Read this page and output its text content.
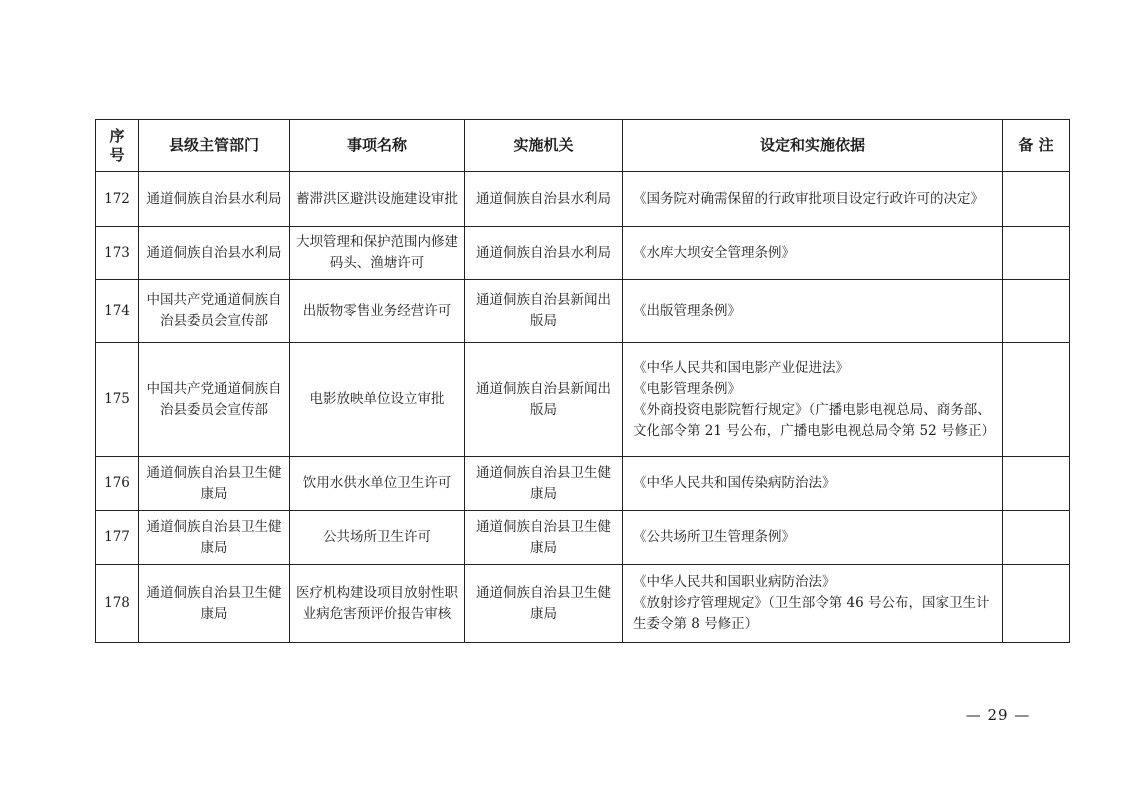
序
号	县级主管部门	事项名称	实施机关	设定和实施依据	备 注
172	通道侗族自治县水利局	蓄滞洪区避洪设施建设审批	通道侗族自治县水利局	《国务院对确需保留的行政审批项目设定行政许可的决定》	

173	通道侗族自治县水利局	大坝管理和保护范围内修建码头、渔塘许可	通道侗族自治县水利局	《水库大坝安全管理条例》	

174	中国共产党通道侗族自治县委员会宣传部	出版物零售业务经营许可	通道侗族自治县新闻出版局	《出版管理条例》	

175	中国共产党通道侗族自治县委员会宣传部	电影放映单位设立审批	通道侗族自治县新闻出版局	《中华人民共和国电影产业促进法》
《电影管理条例》
《外商投资电影院暂行规定》（广播电影电视总局、商务部、文化部令第 21 号公布，广播电影电视总局令第 52 号修正）	

176	通道侗族自治县卫生健康局	饮用水供水单位卫生许可	通道侗族自治县卫生健康局	《中华人民共和国传染病防治法》	

177	通道侗族自治县卫生健康局	公共场所卫生许可	通道侗族自治县卫生健康局	《公共场所卫生管理条例》	

178	通道侗族自治县卫生健康局	医疗机构建设项目放射性职业病危害预评价报告审核	通道侗族自治县卫生健康局	《中华人民共和国职业病防治法》
《放射诊疗管理规定》（卫生部令第 46 号公布，国家卫生计生委令第 8 号修正）	

— 29 —
